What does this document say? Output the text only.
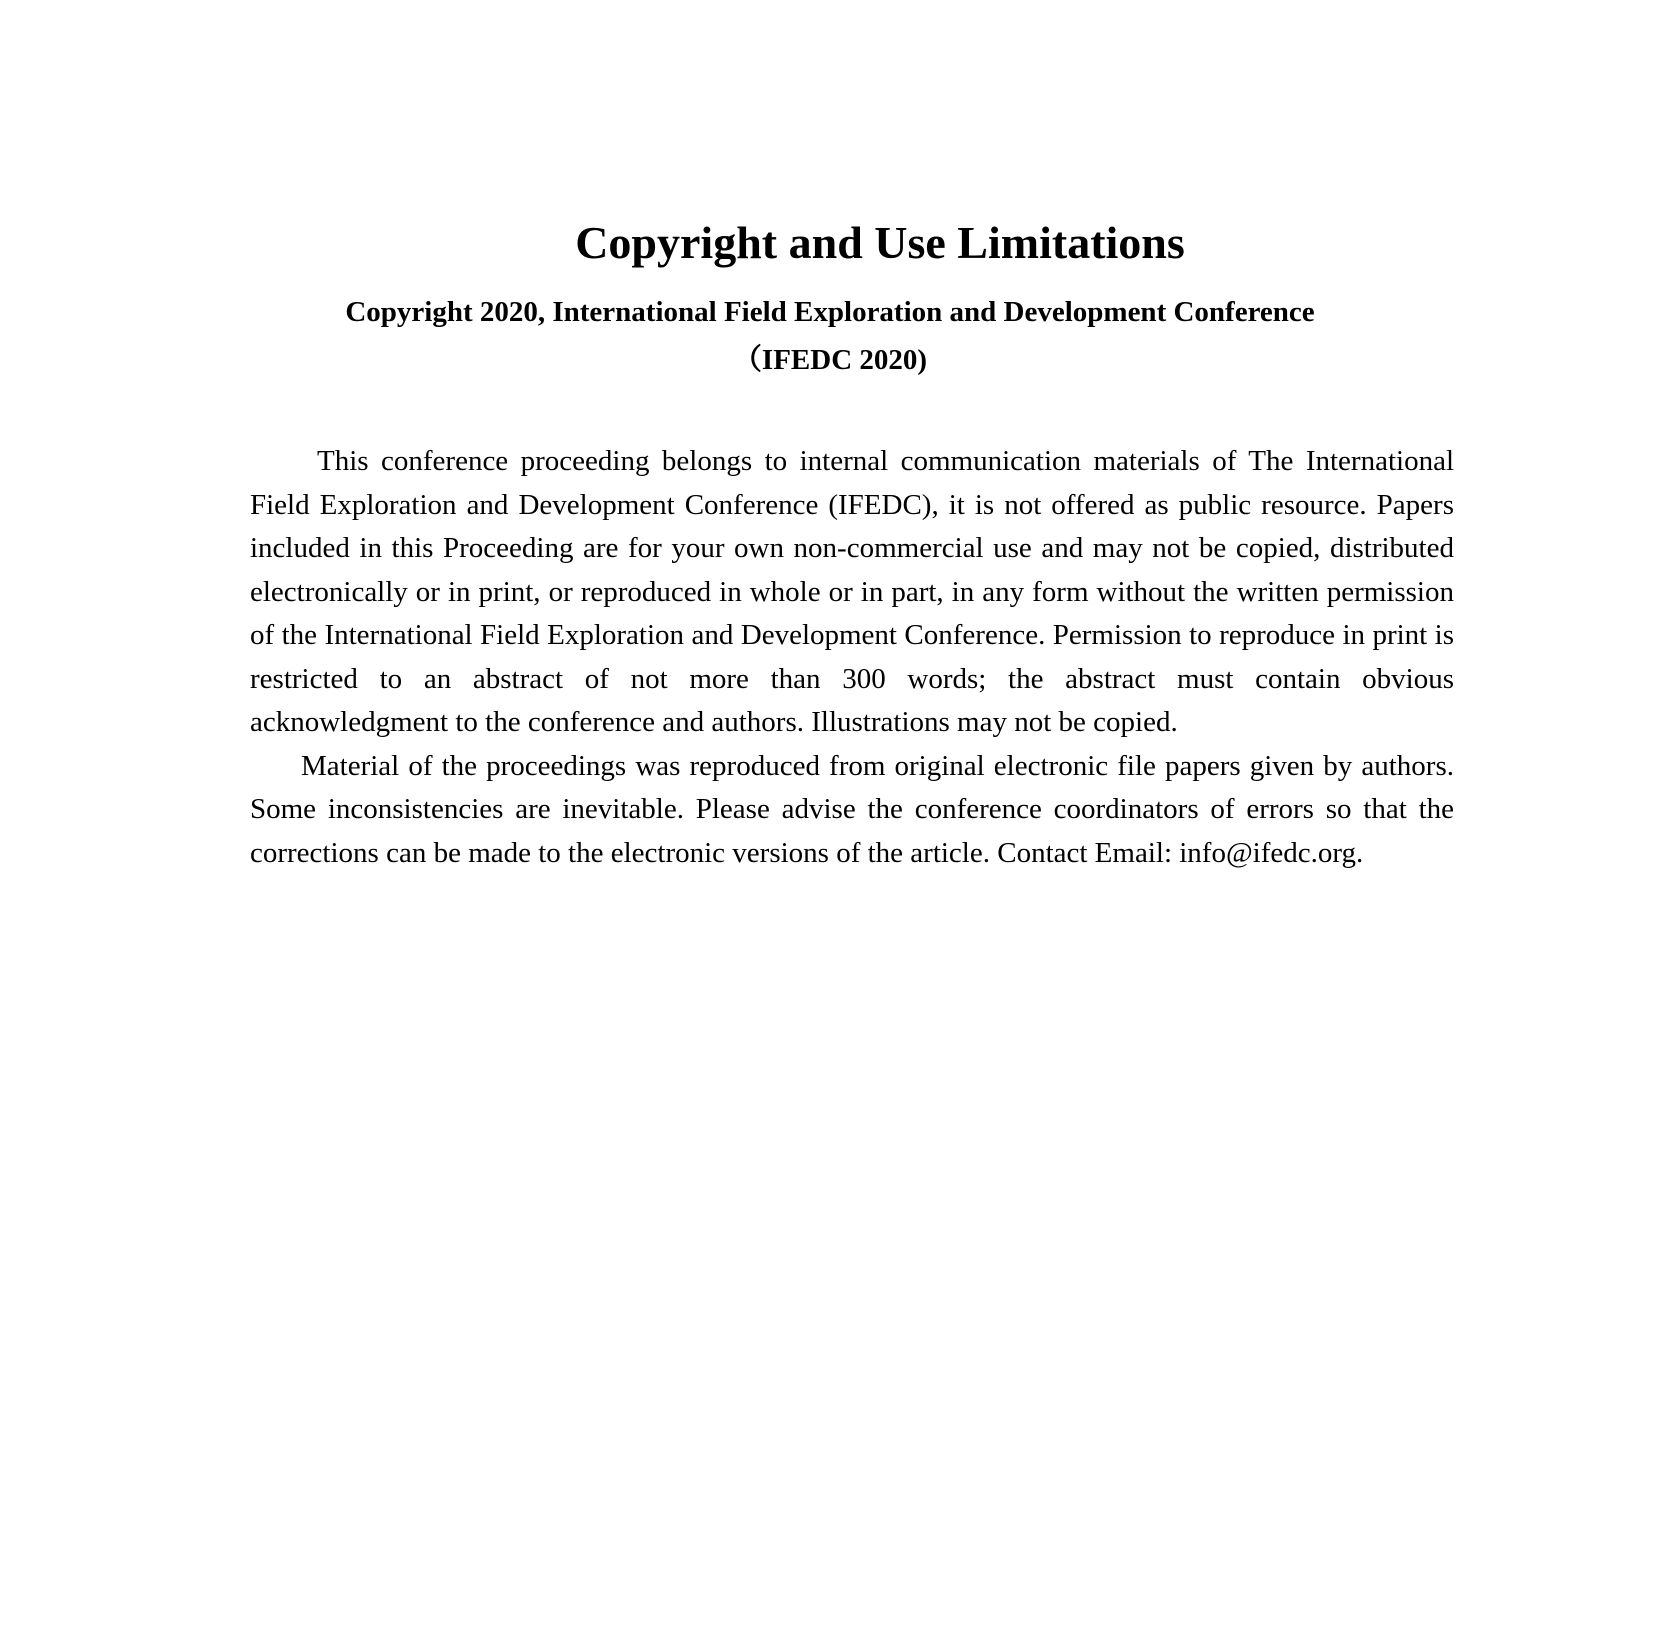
Copyright and Use Limitations
Copyright 2020, International Field Exploration and Development Conference
（IFEDC 2020)

This conference proceeding belongs to internal communication materials of The International Field Exploration and Development Conference (IFEDC), it is not offered as public resource. Papers included in this Proceeding are for your own non-commercial use and may not be copied, distributed electronically or in print, or reproduced in whole or in part, in any form without the written permission of the International Field Exploration and Development Conference. Permission to reproduce in print is restricted to an abstract of not more than 300 words; the abstract must contain obvious acknowledgment to the conference and authors. Illustrations may not be copied.

Material of the proceedings was reproduced from original electronic file papers given by authors. Some inconsistencies are inevitable. Please advise the conference coordinators of errors so that the corrections can be made to the electronic versions of the article. Contact Email: info@ifedc.org.
